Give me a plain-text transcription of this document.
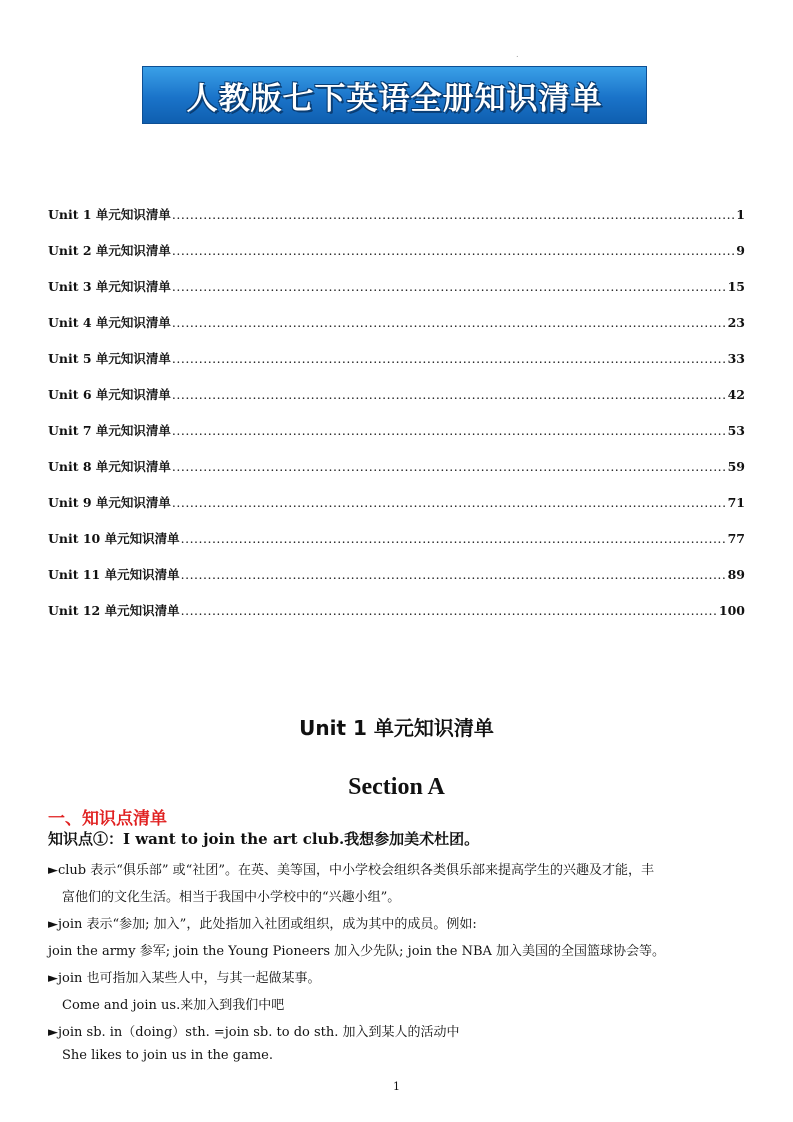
.
人教版七下英语全册知识清单
Unit 1 单元知识清单 .....	1
Unit 2 单元知识清单 .....	9
Unit 3 单元知识清单 .....	15
Unit 4 单元知识清单 .....	23
Unit 5 单元知识清单 .....	33
Unit 6 单元知识清单 .....	42
Unit 7 单元知识清单 .....	53
Unit 8 单元知识清单 .....	59
Unit 9 单元知识清单 .....	71
Unit 10 单元知识清单 .....	77
Unit 11 单元知识清单 .....	89
Unit 12 单元知识清单 .....	100
Unit 1 单元知识清单
Section A
一、知识点清单
知识点①：I want to join the art club.我想参加美术杜团。
►club 表示“俱乐部” 或“社团”。在英、美等国，中小学校会组织各类俱乐部来提高学生的兴趣及才能，丰
富他们的文化生活。相当于我国中小学校中的“兴趣小组”。
►join 表示“参加; 加入”，此处指加入社团或组织，成为其中的成员。例如:
join the army 参军; join the Young Pioneers 加入少先队; join the NBA 加入美国的全国篮球协会等。
►join 也可指加入某些人中，与其一起做某事。
Come and join us.来加入到我们中吧
►join sb. in（doing）sth. =join sb. to do sth. 加入到某人的活动中
She likes to join us in the game.
1
